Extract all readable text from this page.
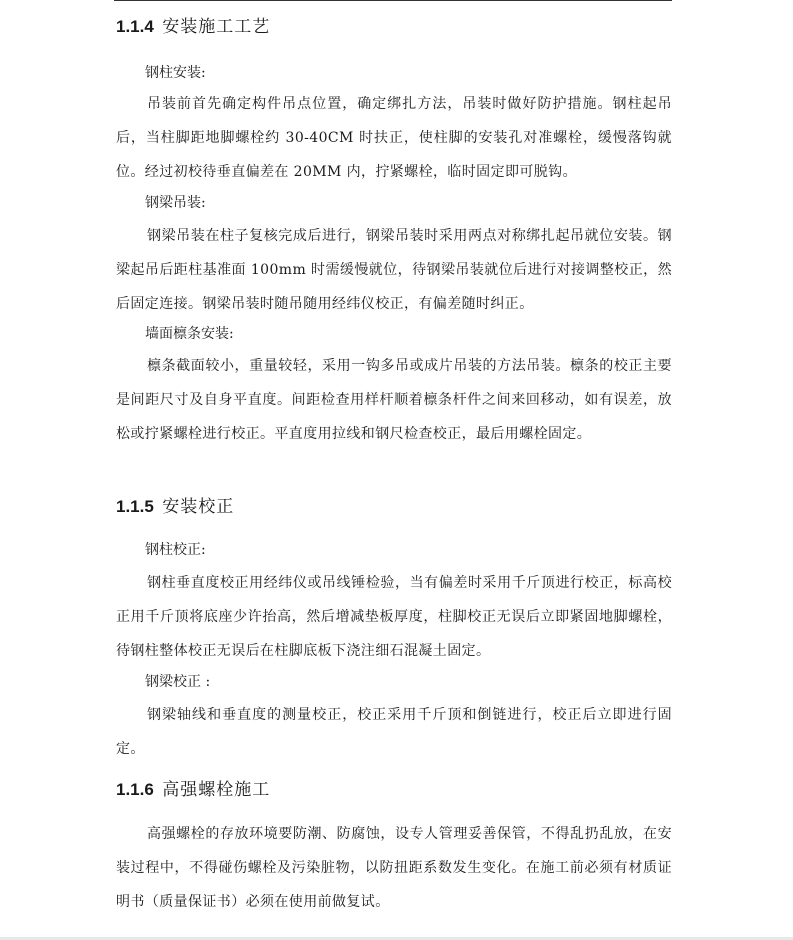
1.1.4 安装施工工艺
钢柱安装:
吊装前首先确定构件吊点位置，确定绑扎方法，吊装时做好防护措施。钢柱起吊后，当柱脚距地脚螺栓约 30-40CM 时扶正，使柱脚的安装孔对准螺栓，缓慢落钩就位。经过初校待垂直偏差在 20MM 内，拧紧螺栓，临时固定即可脱钩。
钢梁吊装:
钢梁吊装在柱子复核完成后进行，钢梁吊装时采用两点对称绑扎起吊就位安装。钢梁起吊后距柱基准面 100mm 时需缓慢就位，待钢梁吊装就位后进行对接调整校正，然后固定连接。钢梁吊装时随吊随用经纬仪校正，有偏差随时纠正。
墙面檩条安装:
檩条截面较小，重量较轻，采用一钩多吊或成片吊装的方法吊装。檩条的校正主要是间距尺寸及自身平直度。间距检查用样杆顺着檩条杆件之间来回移动，如有误差，放松或拧紧螺栓进行校正。平直度用拉线和钢尺检查校正，最后用螺栓固定。
1.1.5 安装校正
钢柱校正:
钢柱垂直度校正用经纬仪或吊线锤检验，当有偏差时采用千斤顶进行校正，标高校正用千斤顶将底座少许抬高，然后增减垫板厚度，柱脚校正无误后立即紧固地脚螺栓，待钢柱整体校正无误后在柱脚底板下浇注细石混凝土固定。
钢梁校正 :
钢梁轴线和垂直度的测量校正，校正采用千斤顶和倒链进行，校正后立即进行固定。
1.1.6 高强螺栓施工
高强螺栓的存放环境要防潮、防腐蚀，设专人管理妥善保管，不得乱扔乱放，在安装过程中，不得碰伤螺栓及污染脏物，以防扭距系数发生变化。在施工前必须有材质证明书（质量保证书）必须在使用前做复试。
